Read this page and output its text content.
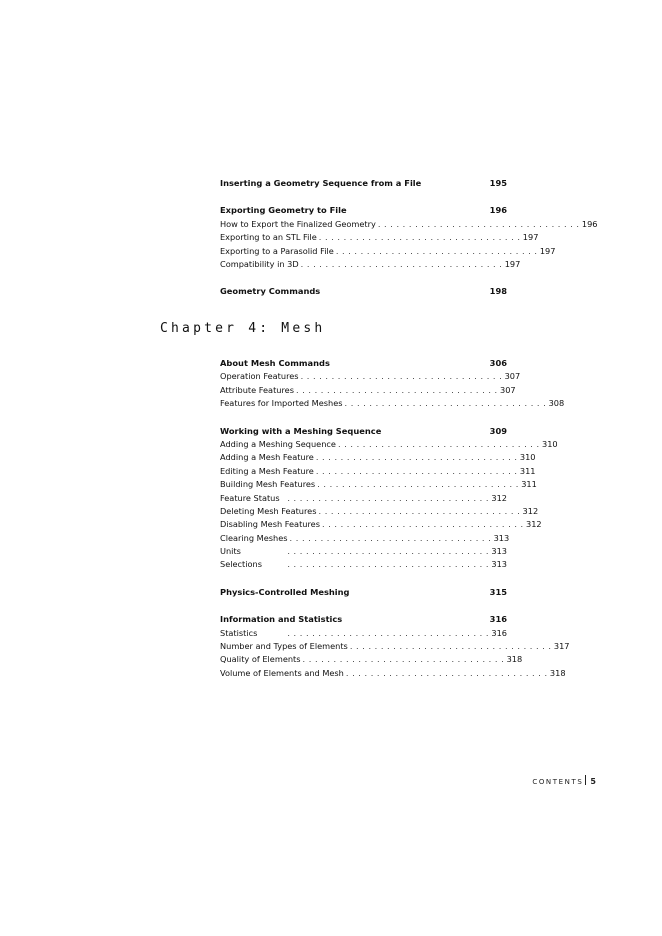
Inserting a Geometry Sequence from a File	195
Exporting Geometry to File	196
How to Export the Finalized Geometry . . . . . . . . . . . . . . . . . . . . . . . . . . . . . . . . . 196
Exporting to an STL File . . . . . . . . . . . . . . . . . . . . . . . . . . . . . . . . . 197
Exporting to a Parasolid File . . . . . . . . . . . . . . . . . . . . . . . . . . . . . . . . . 197
Compatibility in 3D . . . . . . . . . . . . . . . . . . . . . . . . . . . . . . . . . 197
Geometry Commands	198
Chapter 4: Mesh
About Mesh Commands	306
Operation Features . . . . . . . . . . . . . . . . . . . . . . . . . . . . . . . . . 307
Attribute Features . . . . . . . . . . . . . . . . . . . . . . . . . . . . . . . . . 307
Features for Imported Meshes . . . . . . . . . . . . . . . . . . . . . . . . . . . . . . . . . 308
Working with a Meshing Sequence	309
Adding a Meshing Sequence . . . . . . . . . . . . . . . . . . . . . . . . . . . . . . . . . 310
Adding a Mesh Feature . . . . . . . . . . . . . . . . . . . . . . . . . . . . . . . . . 310
Editing a Mesh Feature . . . . . . . . . . . . . . . . . . . . . . . . . . . . . . . . . 311
Building Mesh Features . . . . . . . . . . . . . . . . . . . . . . . . . . . . . . . . . 311
Feature Status . . . . . . . . . . . . . . . . . . . . . . . . . . . . . . . . . 312
Deleting Mesh Features . . . . . . . . . . . . . . . . . . . . . . . . . . . . . . . . . 312
Disabling Mesh Features . . . . . . . . . . . . . . . . . . . . . . . . . . . . . . . . . 312
Clearing Meshes . . . . . . . . . . . . . . . . . . . . . . . . . . . . . . . . . 313
Units	. . . . . . . . . . . . . . . . . . . . . . . . . . . . . . . . . 313
Selections	. . . . . . . . . . . . . . . . . . . . . . . . . . . . . . . . . 313
Physics-Controlled Meshing	315
Information and Statistics	316
Statistics	. . . . . . . . . . . . . . . . . . . . . . . . . . . . . . . . . 316
Number and Types of Elements . . . . . . . . . . . . . . . . . . . . . . . . . . . . . . . . . 317
Quality of Elements . . . . . . . . . . . . . . . . . . . . . . . . . . . . . . . . . 318
Volume of Elements and Mesh . . . . . . . . . . . . . . . . . . . . . . . . . . . . . . . . . 318
CONTENTS 5
